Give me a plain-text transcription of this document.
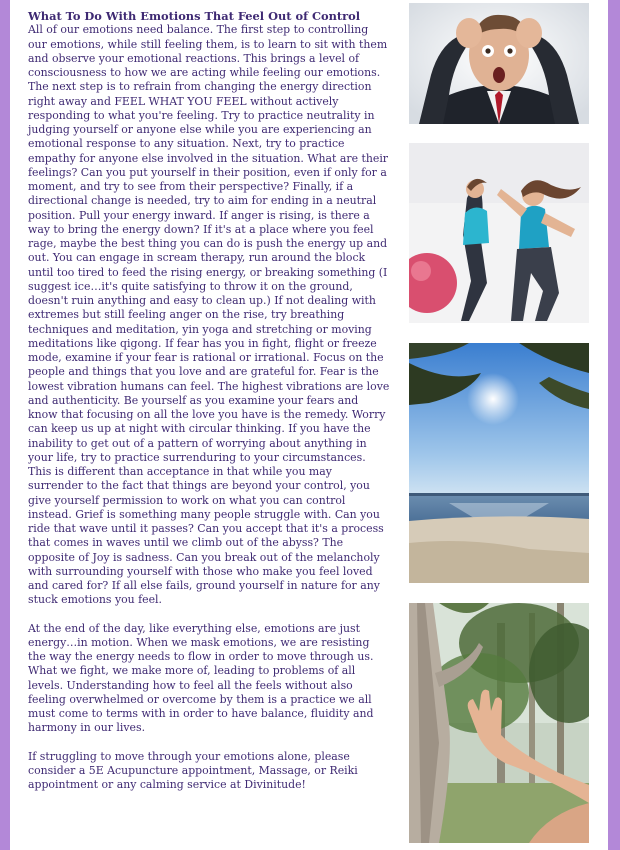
What To Do With Emotions That Feel Out of Control

All of our emotions need balance. The first step to controlling our emotions, while still feeling them, is to learn to sit with them and observe your emotional reactions. This brings a level of consciousness to how we are acting while feeling our emotions. The next step is to refrain from changing the energy direction right away and FEEL WHAT YOU FEEL without actively responding to what you're feeling. Try to practice neutrality in judging yourself or anyone else while you are experiencing an emotional response to any situation. Next, try to practice empathy for anyone else involved in the situation. What are their feelings? Can you put yourself in their position, even if only for a moment, and try to see from their perspective? Finally, if a directional change is needed, try to aim for ending in a neutral position. Pull your energy inward. If anger is rising, is there a way to bring the energy down? If it's at a place where you feel rage, maybe the best thing you can do is push the energy up and out. You can engage in scream therapy, run around the block until too tired to feed the rising energy, or breaking something (I suggest ice…it's quite satisfying to throw it on the ground, doesn't ruin anything and easy to clean up.) If not dealing with extremes but still feeling anger on the rise, try breathing techniques and meditation, yin yoga and stretching or moving meditations like qigong. If fear has you in fight, flight or freeze mode, examine if your fear is rational or irrational. Focus on the people and things that you love and are grateful for. Fear is the lowest vibration humans can feel. The highest vibrations are love and authenticity. Be yourself as you examine your fears and know that focusing on all the love you have is the remedy. Worry can keep us up at night with circular thinking. If you have the inability to get out of a pattern of worrying about anything in your life, try to practice surrenduring to your circumstances. This is different than acceptance in that while you may surrender to the fact that things are beyond your control, you give yourself permission to work on what you can control instead. Grief is something many people struggle with. Can you ride that wave until it passes? Can you accept that it's a process that comes in waves until we climb out of the abyss? The opposite of Joy is sadness. Can you break out of the melancholy with surrounding yourself with those who make you feel loved and cared for? If all else fails, ground yourself in nature for any stuck emotions you feel.

At the end of the day, like everything else, emotions are just energy…in motion. When we mask emotions, we are resisting the way the energy needs to flow in order to move through us. What we fight, we make more of, leading to problems of all levels. Understanding how to feel all the feels without also feeling overwhelmed or overcome by them is a practice we all must come to terms with in order to have balance, fluidity and harmony in our lives.

If struggling to move through your emotions alone, please consider a 5E Acupuncture appointment, Massage, or Reiki appointment or any calming service at Divinitude!
